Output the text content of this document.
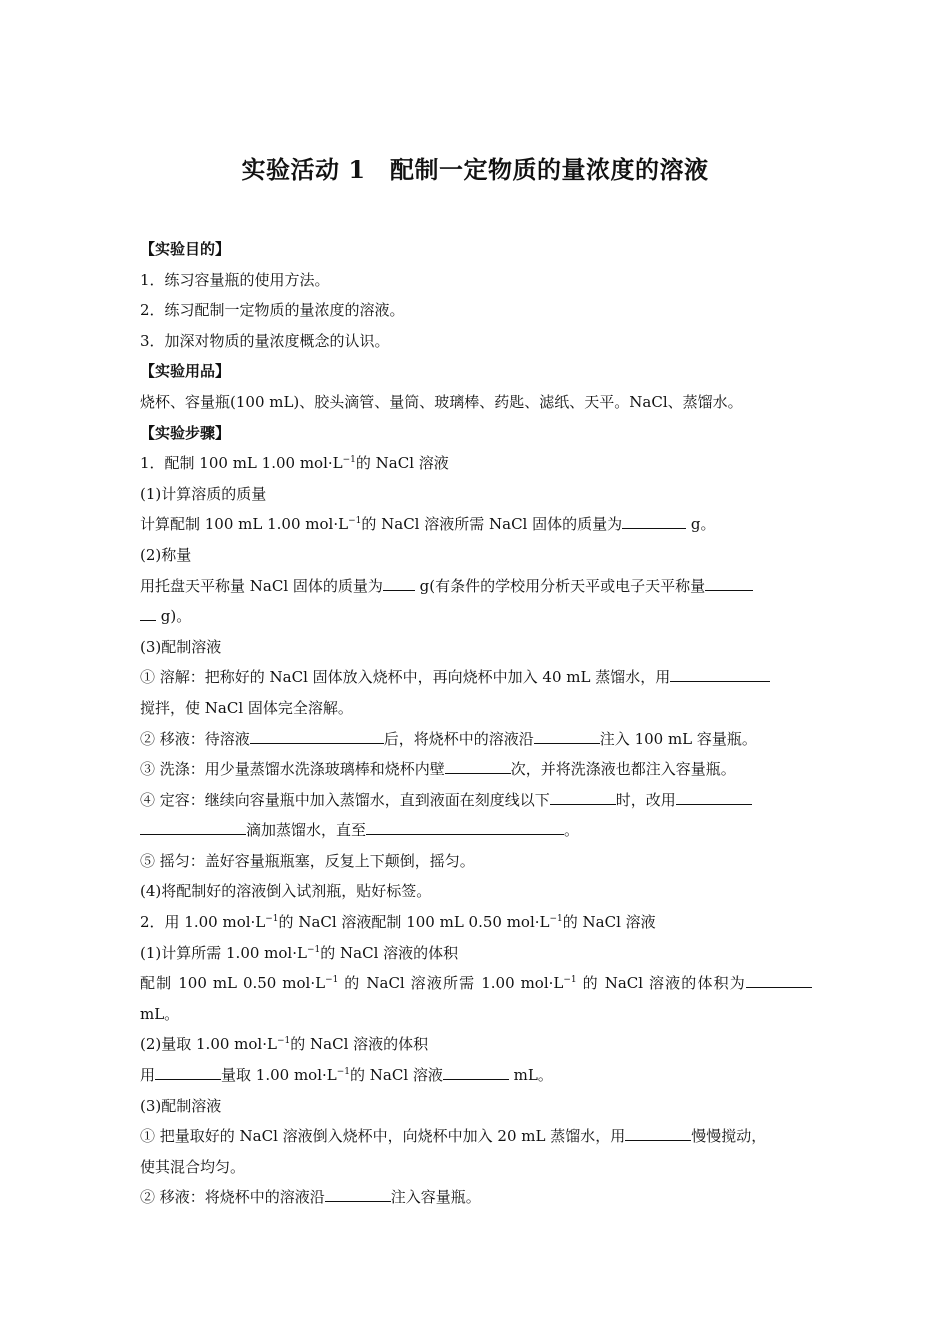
实验活动 1　配制一定物质的量浓度的溶液
【实验目的】
1．练习容量瓶的使用方法。
2．练习配制一定物质的量浓度的溶液。
3．加深对物质的量浓度概念的认识。
【实验用品】
烧杯、容量瓶(100 mL)、胶头滴管、量筒、玻璃棒、药匙、滤纸、天平。NaCl、蒸馏水。
【实验步骤】
1．配制 100 mL 1.00 $mol\cdot L^{-1}$的 NaCl 溶液
(1)计算溶质的质量
计算配制 100 mL 1.00 $mol\cdot L^{-1}$的 NaCl 溶液所需 NaCl 固体的质量为	g。
(2)称量
用托盘天平称量 NaCl 固体的质量为 g(有条件的学校用分析天平或电子天平称量
g)。
(3)配制溶液
① 溶解：把称好的 NaCl 固体放入烧杯中，再向烧杯中加入 40 mL 蒸馏水，用
搅拌，使 NaCl 固体完全溶解。
② 移液：待溶液	后，将烧杯中的溶液沿	注入 100 mL 容量瓶。
③ 洗涤：用少量蒸馏水洗涤玻璃棒和烧杯内壁	次，并将洗涤液也都注入容量瓶。
④ 定容：继续向容量瓶中加入蒸馏水，直到液面在刻度线以下	时，改用
滴加蒸馏水，直至	。
⑤ 摇匀：盖好容量瓶瓶塞，反复上下颠倒，摇匀。
(4)将配制好的溶液倒入试剂瓶，贴好标签。
2．用 1.00 $mol\cdot L^{-1}$的 NaCl 溶液配制 100 mL 0.50 $mol\cdot L^{-1}$的 NaCl 溶液
(1)计算所需 1.00 $mol\cdot L^{-1}$的 NaCl 溶液的体积
配制 100 mL 0.50 $mol\cdot L^{-1}$ 的 NaCl 溶液所需 1.00 $mol\cdot L^{-1}$ 的 NaCl 溶液的体积为
mL。
(2)量取 1.00 $mol\cdot L^{-1}$的 NaCl 溶液的体积
用	量取 1.00 $mol\cdot L^{-1}$的 NaCl 溶液	mL。
(3)配制溶液
① 把量取好的 NaCl 溶液倒入烧杯中，向烧杯中加入 20 mL 蒸馏水，用	慢慢搅动，
使其混合均匀。
② 移液：将烧杯中的溶液沿	注入容量瓶。
